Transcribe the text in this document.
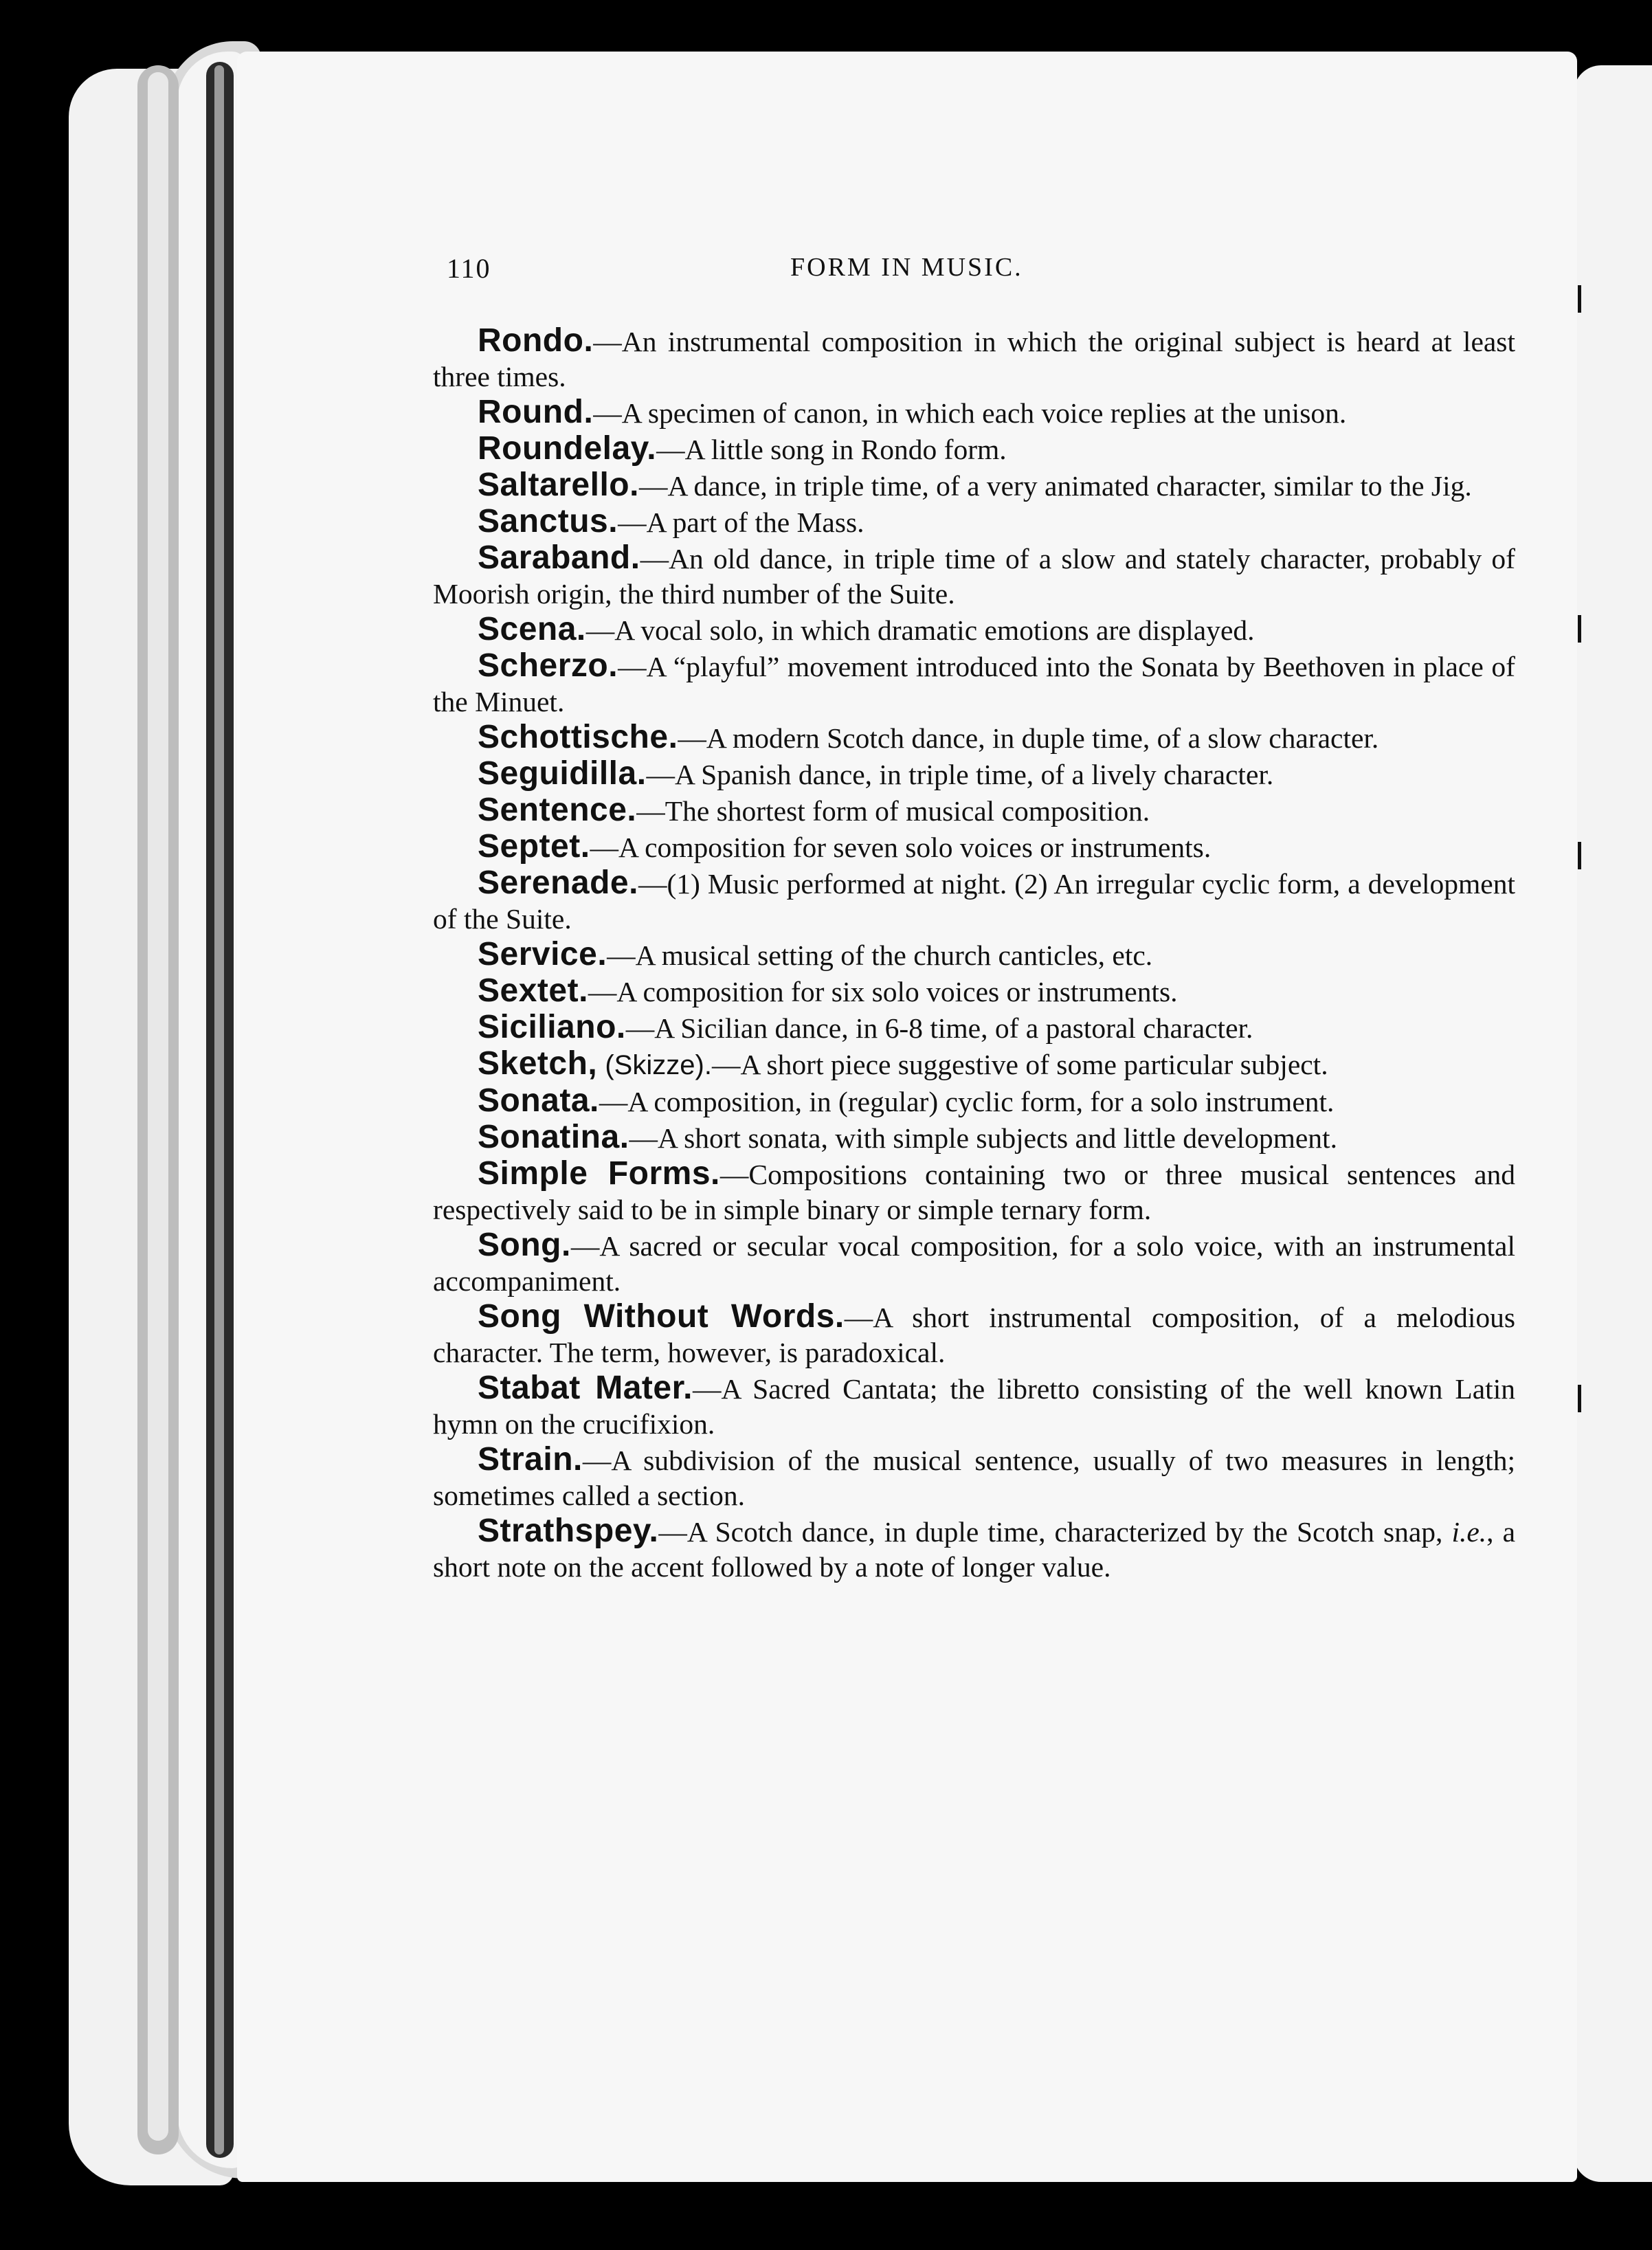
110	FORM IN MUSIC.

Rondo.—An instrumental composition in which the original subject is heard at least three times.

Round.—A specimen of canon, in which each voice replies at the unison.

Roundelay.—A little song in Rondo form.

Saltarello.—A dance, in triple time, of a very animated character, similar to the Jig.

Sanctus.—A part of the Mass.

Saraband.—An old dance, in triple time of a slow and stately character, probably of Moorish origin, the third number of the Suite.

Scena.—A vocal solo, in which dramatic emotions are displayed.

Scherzo.—A “playful” movement introduced into the Sonata by Beethoven in place of the Minuet.

Schottische.—A modern Scotch dance, in duple time, of a slow character.

Seguidilla.—A Spanish dance, in triple time, of a lively character.

Sentence.—The shortest form of musical composition.

Septet.—A composition for seven solo voices or instruments.

Serenade.—(1) Music performed at night. (2) An irregular cyclic form, a development of the Suite.

Service.—A musical setting of the church canticles, etc.

Sextet.—A composition for six solo voices or instruments.

Siciliano.—A Sicilian dance, in 6-8 time, of a pastoral character.

Sketch, (Skizze).—A short piece suggestive of some particular subject.

Sonata.—A composition, in (regular) cyclic form, for a solo instrument.

Sonatina.—A short sonata, with simple subjects and little development.

Simple Forms.—Compositions containing two or three musical sentences and respectively said to be in simple binary or simple ternary form.

Song.—A sacred or secular vocal composition, for a solo voice, with an instrumental accompaniment.

Song Without Words.—A short instrumental composition, of a melodious character. The term, however, is paradoxical.

Stabat Mater.—A Sacred Cantata; the libretto consisting of the well known Latin hymn on the crucifixion.

Strain.—A subdivision of the musical sentence, usually of two measures in length; sometimes called a section.

Strathspey.—A Scotch dance, in duple time, characterized by the Scotch snap, i.e., a short note on the accent followed by a note of longer value.
